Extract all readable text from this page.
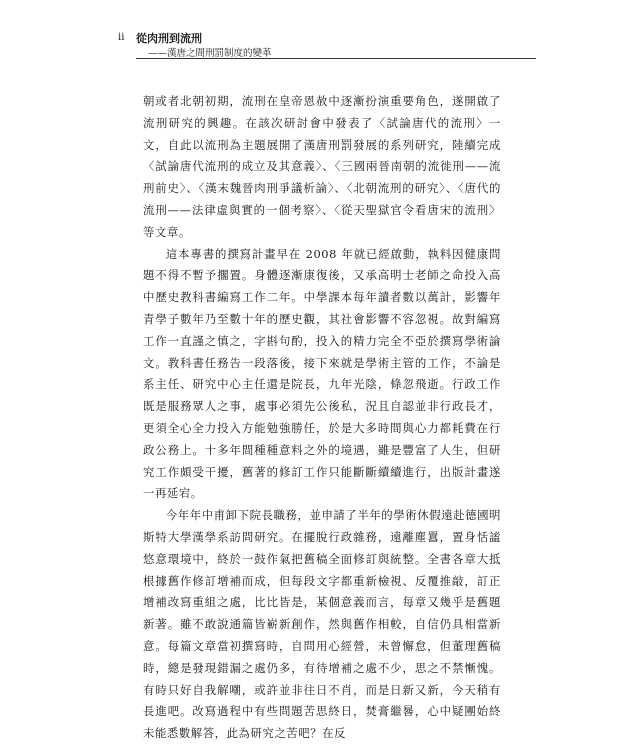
ii 從肉刑到流刑
——漢唐之間刑罰制度的變革

朝或者北朝初期，流刑在皇帝恩赦中逐漸扮演重要角色，遂開啟了流刑研究的興趣。在該次研討會中發表了〈試論唐代的流刑〉一文，自此以流刑為主題展開了漢唐刑罰發展的系列研究，陸續完成〈試論唐代流刑的成立及其意義〉、〈三國兩晉南朝的流徙刑——流刑前史〉、〈漢末魏晉肉刑爭議析論〉、〈北朝流刑的研究〉、〈唐代的流刑——法律虛與實的一個考察〉、〈從天聖獄官令看唐宋的流刑〉等文章。

這本專書的撰寫計畫早在 2008 年就已經啟動，執料因健康問題不得不暫予擱置。身體逐漸康復後，又承高明士老師之命投入高中歷史教科書編寫工作二年。中學課本每年讀者數以萬計，影響年青學子數年乃至數十年的歷史觀，其社會影響不容忽視。故對編寫工作一直謹之慎之，字斟句酌，投入的精力完全不亞於撰寫學術論文。教科書任務告一段落後，接下來就是學術主管的工作，不論是系主任、研究中心主任還是院長，九年光陰，條忽飛逝。行政工作既是服務眾人之事，處事必須先公後私，況且自認並非行政長才，更須全心全力投入方能勉強勝任，於是大多時間與心力都耗費在行政公務上。十多年間種種意料之外的境遇，雖是豐富了人生，但研究工作頗受干擾，舊著的修訂工作只能斷斷續續進行，出版計畫遂一再延宕。

今年年中甫卸下院長職務，並申請了半年的學術休假遠赴德國明斯特大學漢學系訪問研究。在擺脫行政雜務，遠離塵囂，置身恬謐悠意環境中，終於一鼓作氣把舊稿全面修訂與統整。全書各章大抵根據舊作修訂增補而成，但每段文字都重新檢視、反覆推敲，訂正增補改寫重組之處，比比皆是，某個意義而言，每章又幾乎是舊題新著。雖不敢說通篇皆嶄新創作，然與舊作相較，自信仍具相當新意。每篇文章當初撰寫時，自問用心經營，未曾懈怠，但董理舊稿時，總是發現錯漏之處仍多，有待增補之處不少，思之不禁慚愧。有時只好自我解嘲，或許並非往日不肖，而是日新又新，今天稍有長進吧。改寫過程中有些問題苦思終日，焚膏繼晷，心中疑團始終未能悉數解答，此為研究之苦吧？在反
